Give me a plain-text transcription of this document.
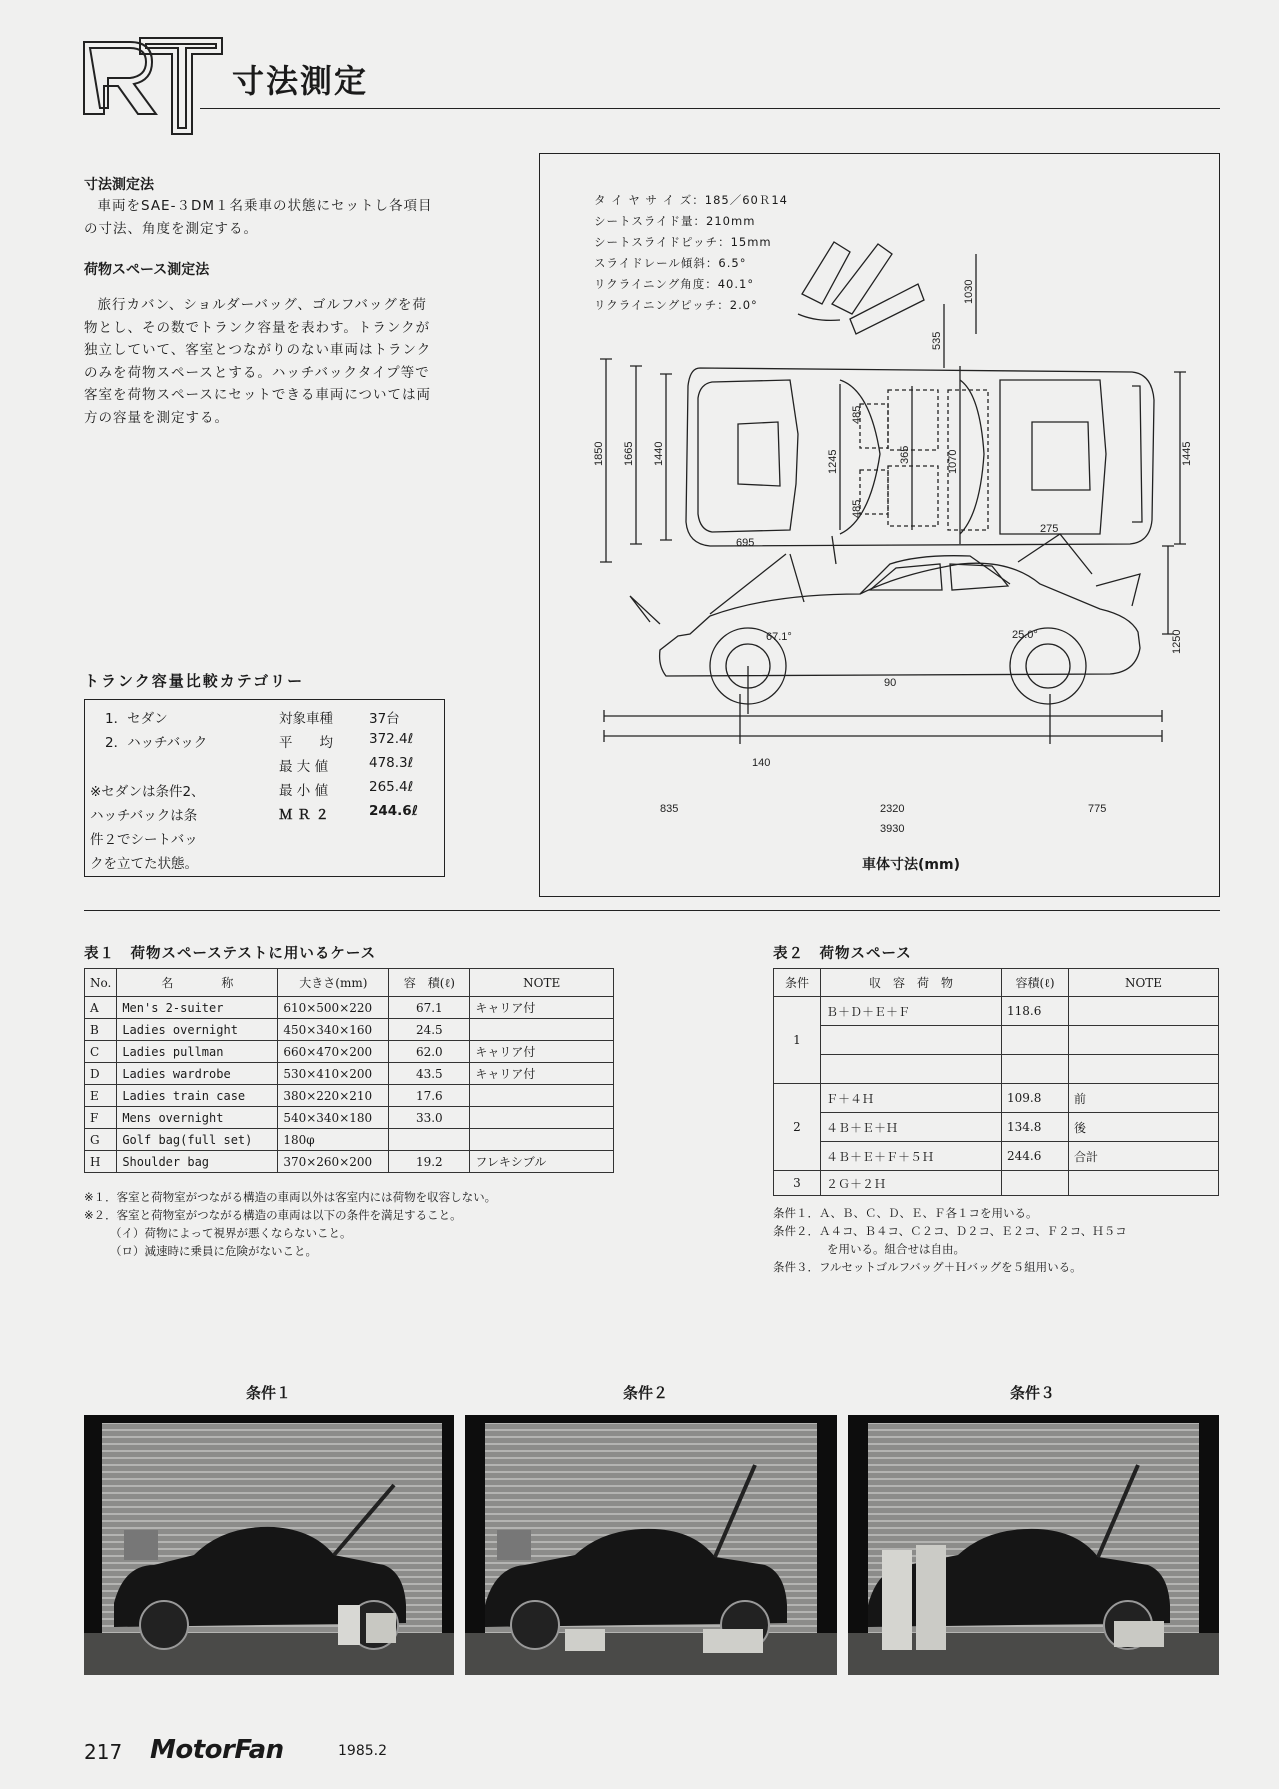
RT
寸法測定
寸法測定法

車両をSAE-３DM１名乗車の状態にセットし各項目の寸法、角度を測定する。

荷物スペース測定法

旅行カバン、ショルダーバッグ、ゴルフバッグを荷物とし、その数でトランク容量を表わす。トランクが独立していて、客室とつながりのない車両はトランクのみを荷物スペースとする。ハッチバックタイプ等で客室を荷物スペースにセットできる車両については両方の容量を測定する。

トランク容量比較カテゴリー
1．セダン
2．ハッチバック
※セダンは条件2、
ハッチバックは条
件２でシートバッ
クを立てた状態。
対象車種	37台
平　　均	372.4ℓ
最 大 値	478.3ℓ
最 小 値	265.4ℓ
Ｍ Ｒ ２	244.6ℓ
タ イ ヤ サ イ ズ：185／60Ｒ14
シートスライド量：210mm
シートスライドピッチ：15mm
スライドレール傾斜：6.5°
リクライニング角度：40.1°
リクライニングピッチ：2.0°
1850 1665 1440	1245
485
485
365	1070	1445
535
1030
695
67.1°
275
25.0°
90
140
1250
835	2320	775
3930
車体寸法(mm)
表１　荷物スペーステストに用いるケース
No.	名　　　　称	大きさ(mm)	容　積(ℓ)	NOTE
A	Men's 2-suiter	610×500×220	67.1	キャリア付
B	Ladies overnight	450×340×160	24.5	
C	Ladies pullman	660×470×200	62.0	キャリア付
D	Ladies wardrobe	530×410×200	43.5	キャリア付
E	Ladies train case	380×220×210	17.6	
F	Mens overnight	540×340×180	33.0	
G	Golf bag(full set)	180φ		
H	Shoulder bag	370×260×200	19.2	フレキシブル
※１．客室と荷物室がつながる構造の車両以外は客室内には荷物を収容しない。
※２．客室と荷物室がつながる構造の車両は以下の条件を満足すること。
（イ）荷物によって視界が悪くならないこと。
（ロ）減速時に乗員に危険がないこと。
表２　荷物スペース
条件	収　容　荷　物	容積(ℓ)	NOTE
1	Ｂ＋Ｄ＋Ｅ＋Ｆ	118.6	

2	Ｆ＋４Ｈ	109.8	前
	４Ｂ＋Ｅ＋Ｈ	134.8	後
	４Ｂ＋Ｅ＋Ｆ＋５Ｈ	244.6	合計
3	２Ｇ＋２Ｈ		
条件１．Ａ、Ｂ、Ｃ、Ｄ、Ｅ、Ｆ各１コを用いる。
条件２．Ａ４コ、Ｂ４コ、Ｃ２コ、Ｄ２コ、Ｅ２コ、Ｆ２コ、Ｈ５コ
を用いる。組合せは自由。
条件３．フルセットゴルフバッグ＋Ｈバッグを５組用いる。
条件１	条件２	条件３
217 MotorFan	1985.2
